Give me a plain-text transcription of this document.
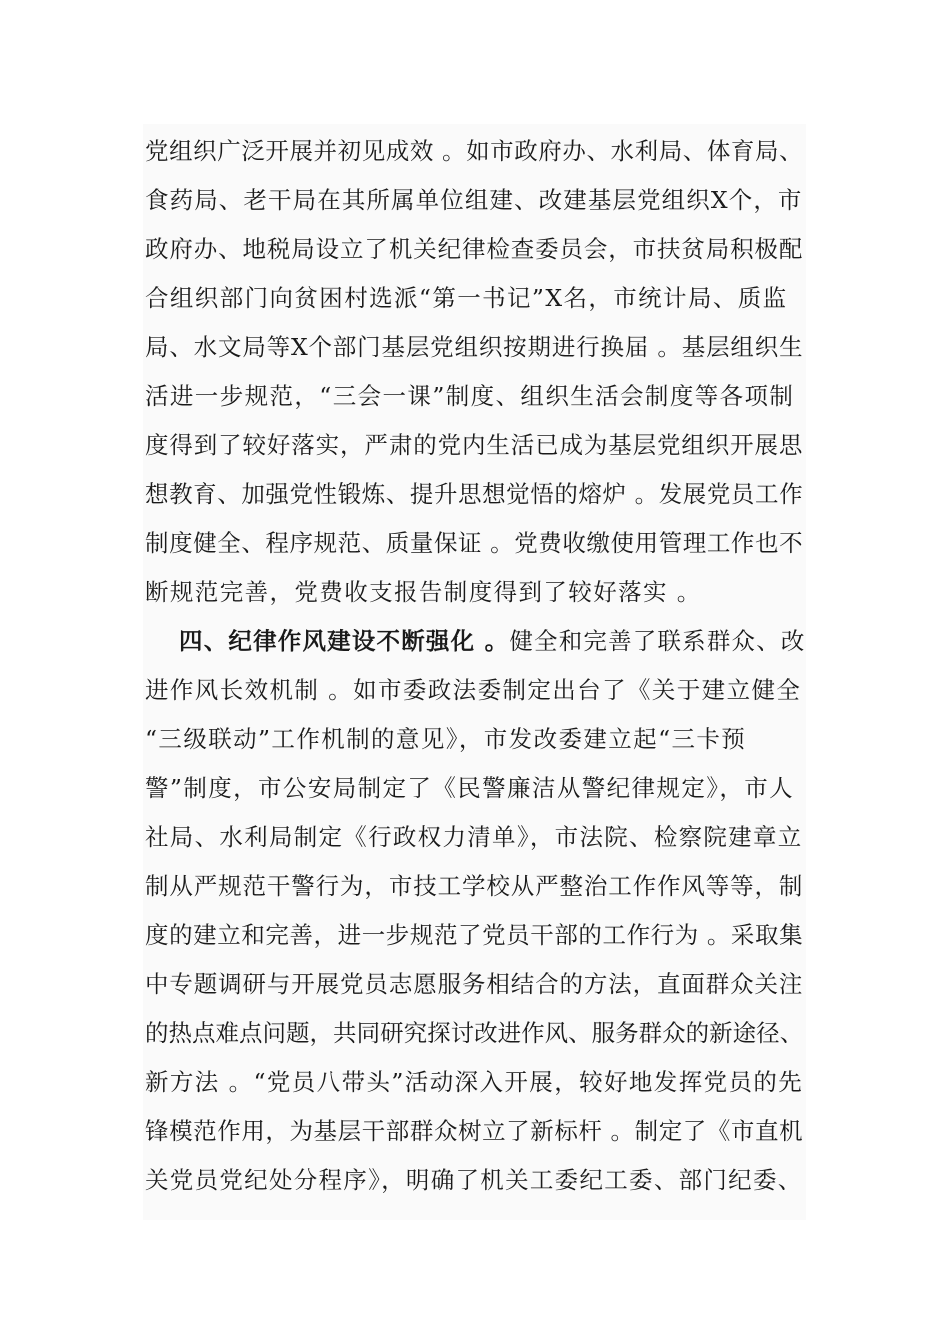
党组织广泛开展并初见成效 。如市政府办、水利局、体育局、
食药局、老干局在其所属单位组建、改建基层党组织X个，市
政府办、地税局设立了机关纪律检查委员会，市扶贫局积极配
合组织部门向贫困村选派“第一书记”X名，市统计局、质监
局、水文局等X个部门基层党组织按期进行换届 。基层组织生
活进一步规范，“三会一课”制度、组织生活会制度等各项制
度得到了较好落实，严肃的党内生活已成为基层党组织开展思
想教育、加强党性锻炼、提升思想觉悟的熔炉 。发展党员工作
制度健全、程序规范、质量保证 。党费收缴使用管理工作也不
断规范完善，党费收支报告制度得到了较好落实 。
四、纪律作风建设不断强化 。健全和完善了联系群众、改
进作风长效机制 。如市委政法委制定出台了《关于建立健全
“三级联动”工作机制的意见》，市发改委建立起“三卡预
警”制度，市公安局制定了《民警廉洁从警纪律规定》，市人
社局、水利局制定《行政权力清单》，市法院、检察院建章立
制从严规范干警行为，市技工学校从严整治工作作风等等，制
度的建立和完善，进一步规范了党员干部的工作行为 。采取集
中专题调研与开展党员志愿服务相结合的方法，直面群众关注
的热点难点问题，共同研究探讨改进作风、服务群众的新途径、
新方法 。“党员八带头”活动深入开展，较好地发挥党员的先
锋模范作用，为基层干部群众树立了新标杆 。制定了《市直机
关党员党纪处分程序》，明确了机关工委纪工委、部门纪委、
